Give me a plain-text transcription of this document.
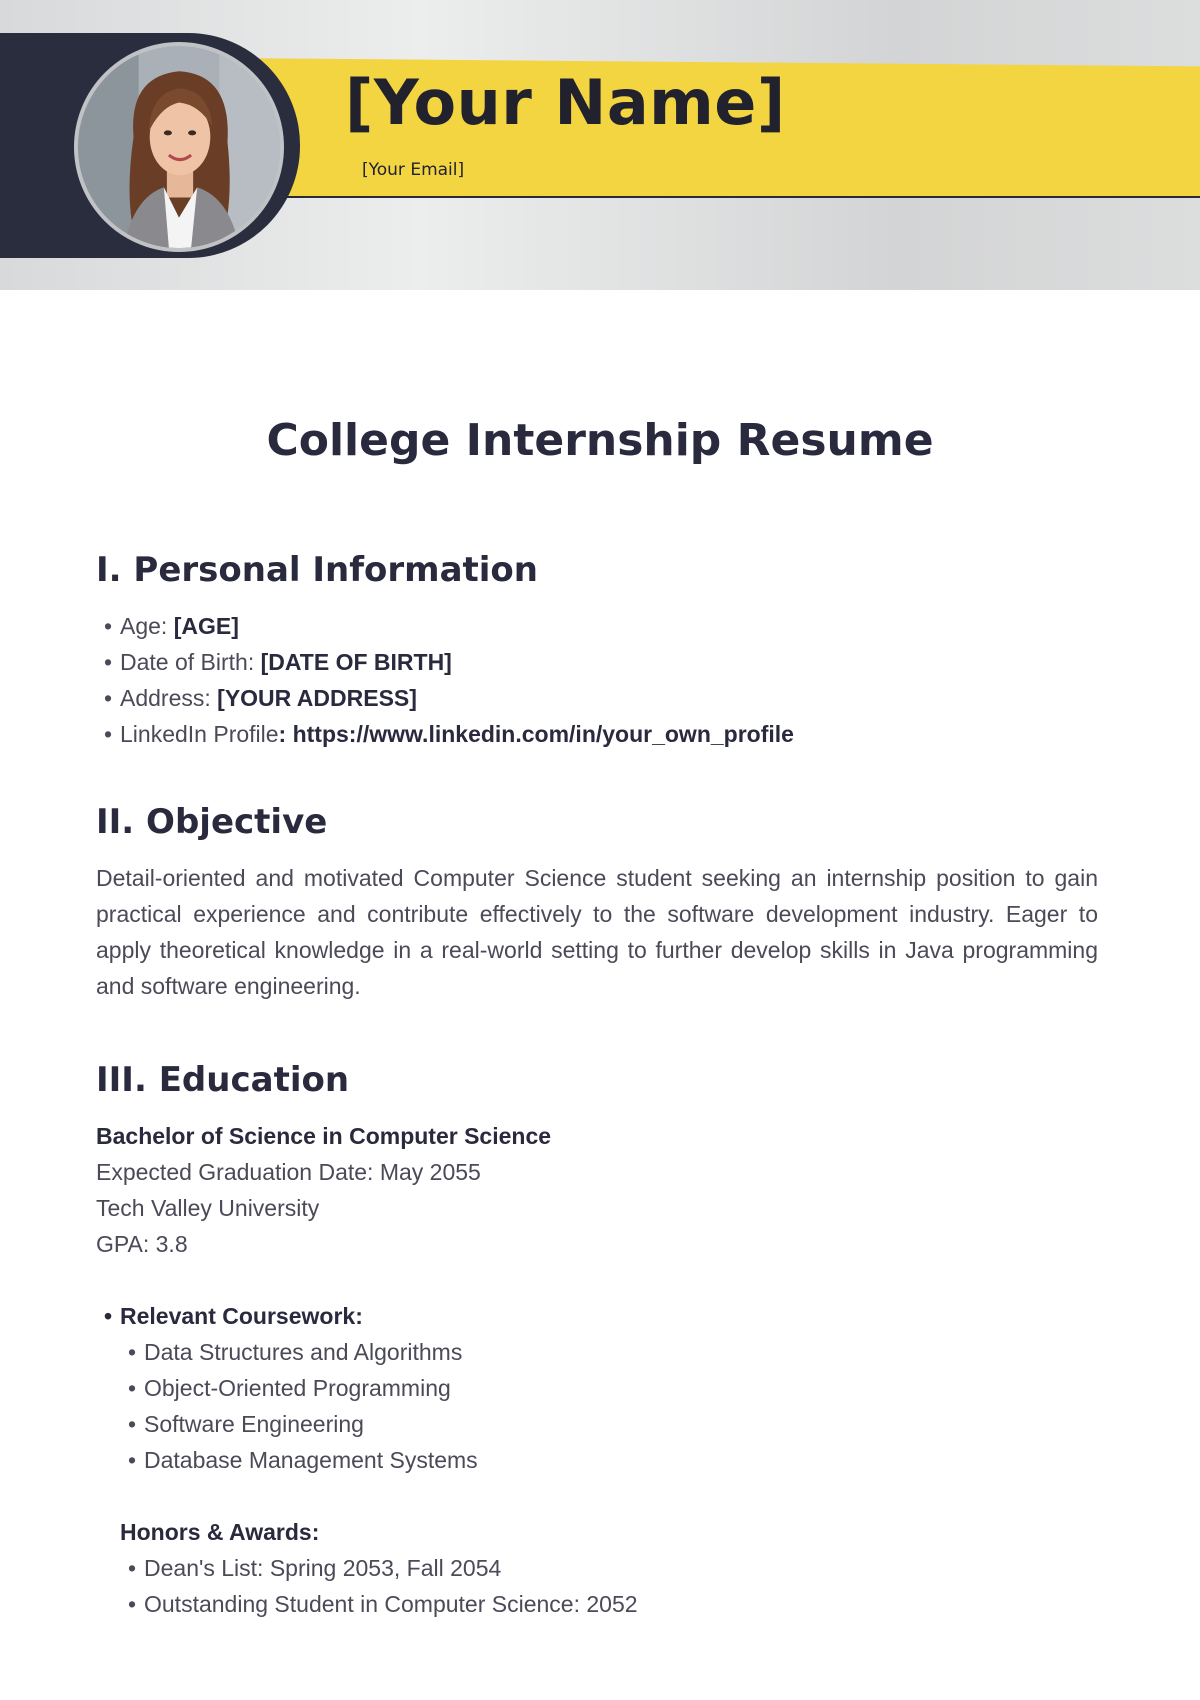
[Your Name]
[Your Email]
College Internship Resume
I. Personal Information
• Age: [AGE]
• Date of Birth: [DATE OF BIRTH]
• Address: [YOUR ADDRESS]
• LinkedIn Profile: https://www.linkedin.com/in/your_own_profile
II. Objective

Detail-oriented and motivated Computer Science student seeking an internship position to gain practical experience and contribute effectively to the software development industry. Eager to apply theoretical knowledge in a real-world setting to further develop skills in Java programming and software engineering.

III. Education

Bachelor of Science in Computer Science

Expected Graduation Date: May 2055

Tech Valley University

GPA: 3.8

• Relevant Coursework:
• Data Structures and Algorithms
• Object-Oriented Programming
• Software Engineering
• Database Management Systems
Honors & Awards:
• Dean's List: Spring 2053, Fall 2054
• Outstanding Student in Computer Science: 2052
